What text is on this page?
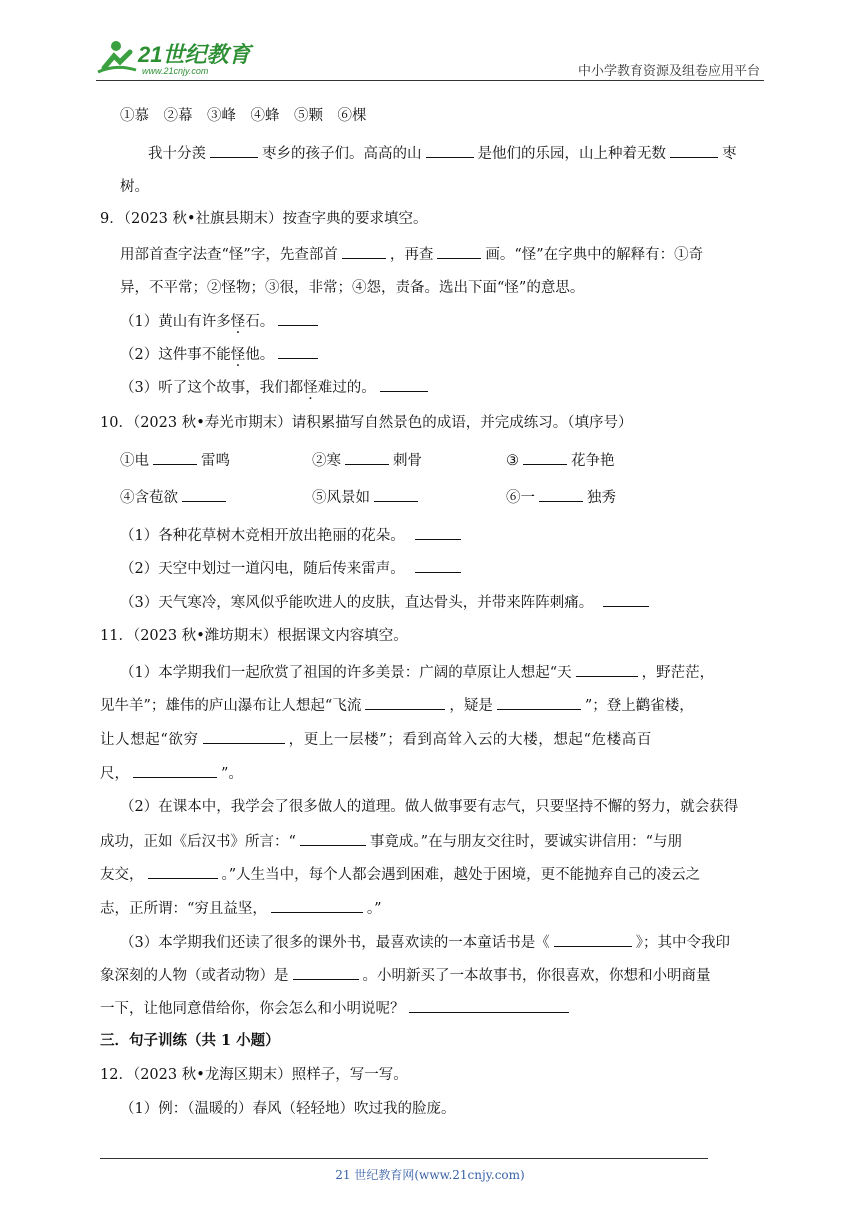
21世纪教育
www.21cnjy.com	中小学教育资源及组卷应用平台
①慕　②幕　③峰　④蜂　⑤颗　⑥棵
我十分羡	枣乡的孩子们。高高的山	是他们的乐园，山上种着无数	枣
树。
9．（2023 秋•社旗县期末）按查字典的要求填空。
用部首查字法查“怪”字，先查部首	，再查	画。“怪”在字典中的解释有：①奇
异，不平常；②怪物；③很，非常；④怨，责备。选出下面“怪”的意思。
（1）黄山有许多怪石。
（2）这件事不能怪他。
（3）听了这个故事，我们都怪难过的。
10．（2023 秋•寿光市期末）请积累描写自然景色的成语，并完成练习。（填序号）
①电	雷鸣	②寒	刺骨	③	花争艳
④含苞欲	⑤风景如	⑥一	独秀
（1）各种花草树木竞相开放出艳丽的花朵。
（2）天空中划过一道闪电，随后传来雷声。
（3）天气寒冷，寒风似乎能吹进人的皮肤，直达骨头，并带来阵阵刺痛。
11．（2023 秋•潍坊期末）根据课文内容填空。
（1）本学期我们一起欣赏了祖国的许多美景：广阔的草原让人想起“天	，野茫茫，
见牛羊”；雄伟的庐山瀑布让人想起“飞流	，疑是	”；登上鹳雀楼，
让人想起“欲穷	，更上一层楼”；看到高耸入云的大楼，想起“危楼高百
尺，	”。
（2）在课本中，我学会了很多做人的道理。做人做事要有志气，只要坚持不懈的努力，就会获得
成功，正如《后汉书》所言：“	事竟成。”在与朋友交往时，要诚实讲信用：“与朋
友交，	。”人生当中，每个人都会遇到困难，越处于困境，更不能抛弃自己的凌云之
志，正所谓：“穷且益坚，	。”
（3）本学期我们还读了很多的课外书，最喜欢读的一本童话书是《	》；其中令我印
象深刻的人物（或者动物）是	。小明新买了一本故事书，你很喜欢，你想和小明商量
一下，让他同意借给你，你会怎么和小明说呢？
三．句子训练（共 1 小题）
12．（2023 秋•龙海区期末）照样子，写一写。
（1）例：（温暖的）春风（轻轻地）吹过我的脸庞。
21 世纪教育网(www.21cnjy.com)
